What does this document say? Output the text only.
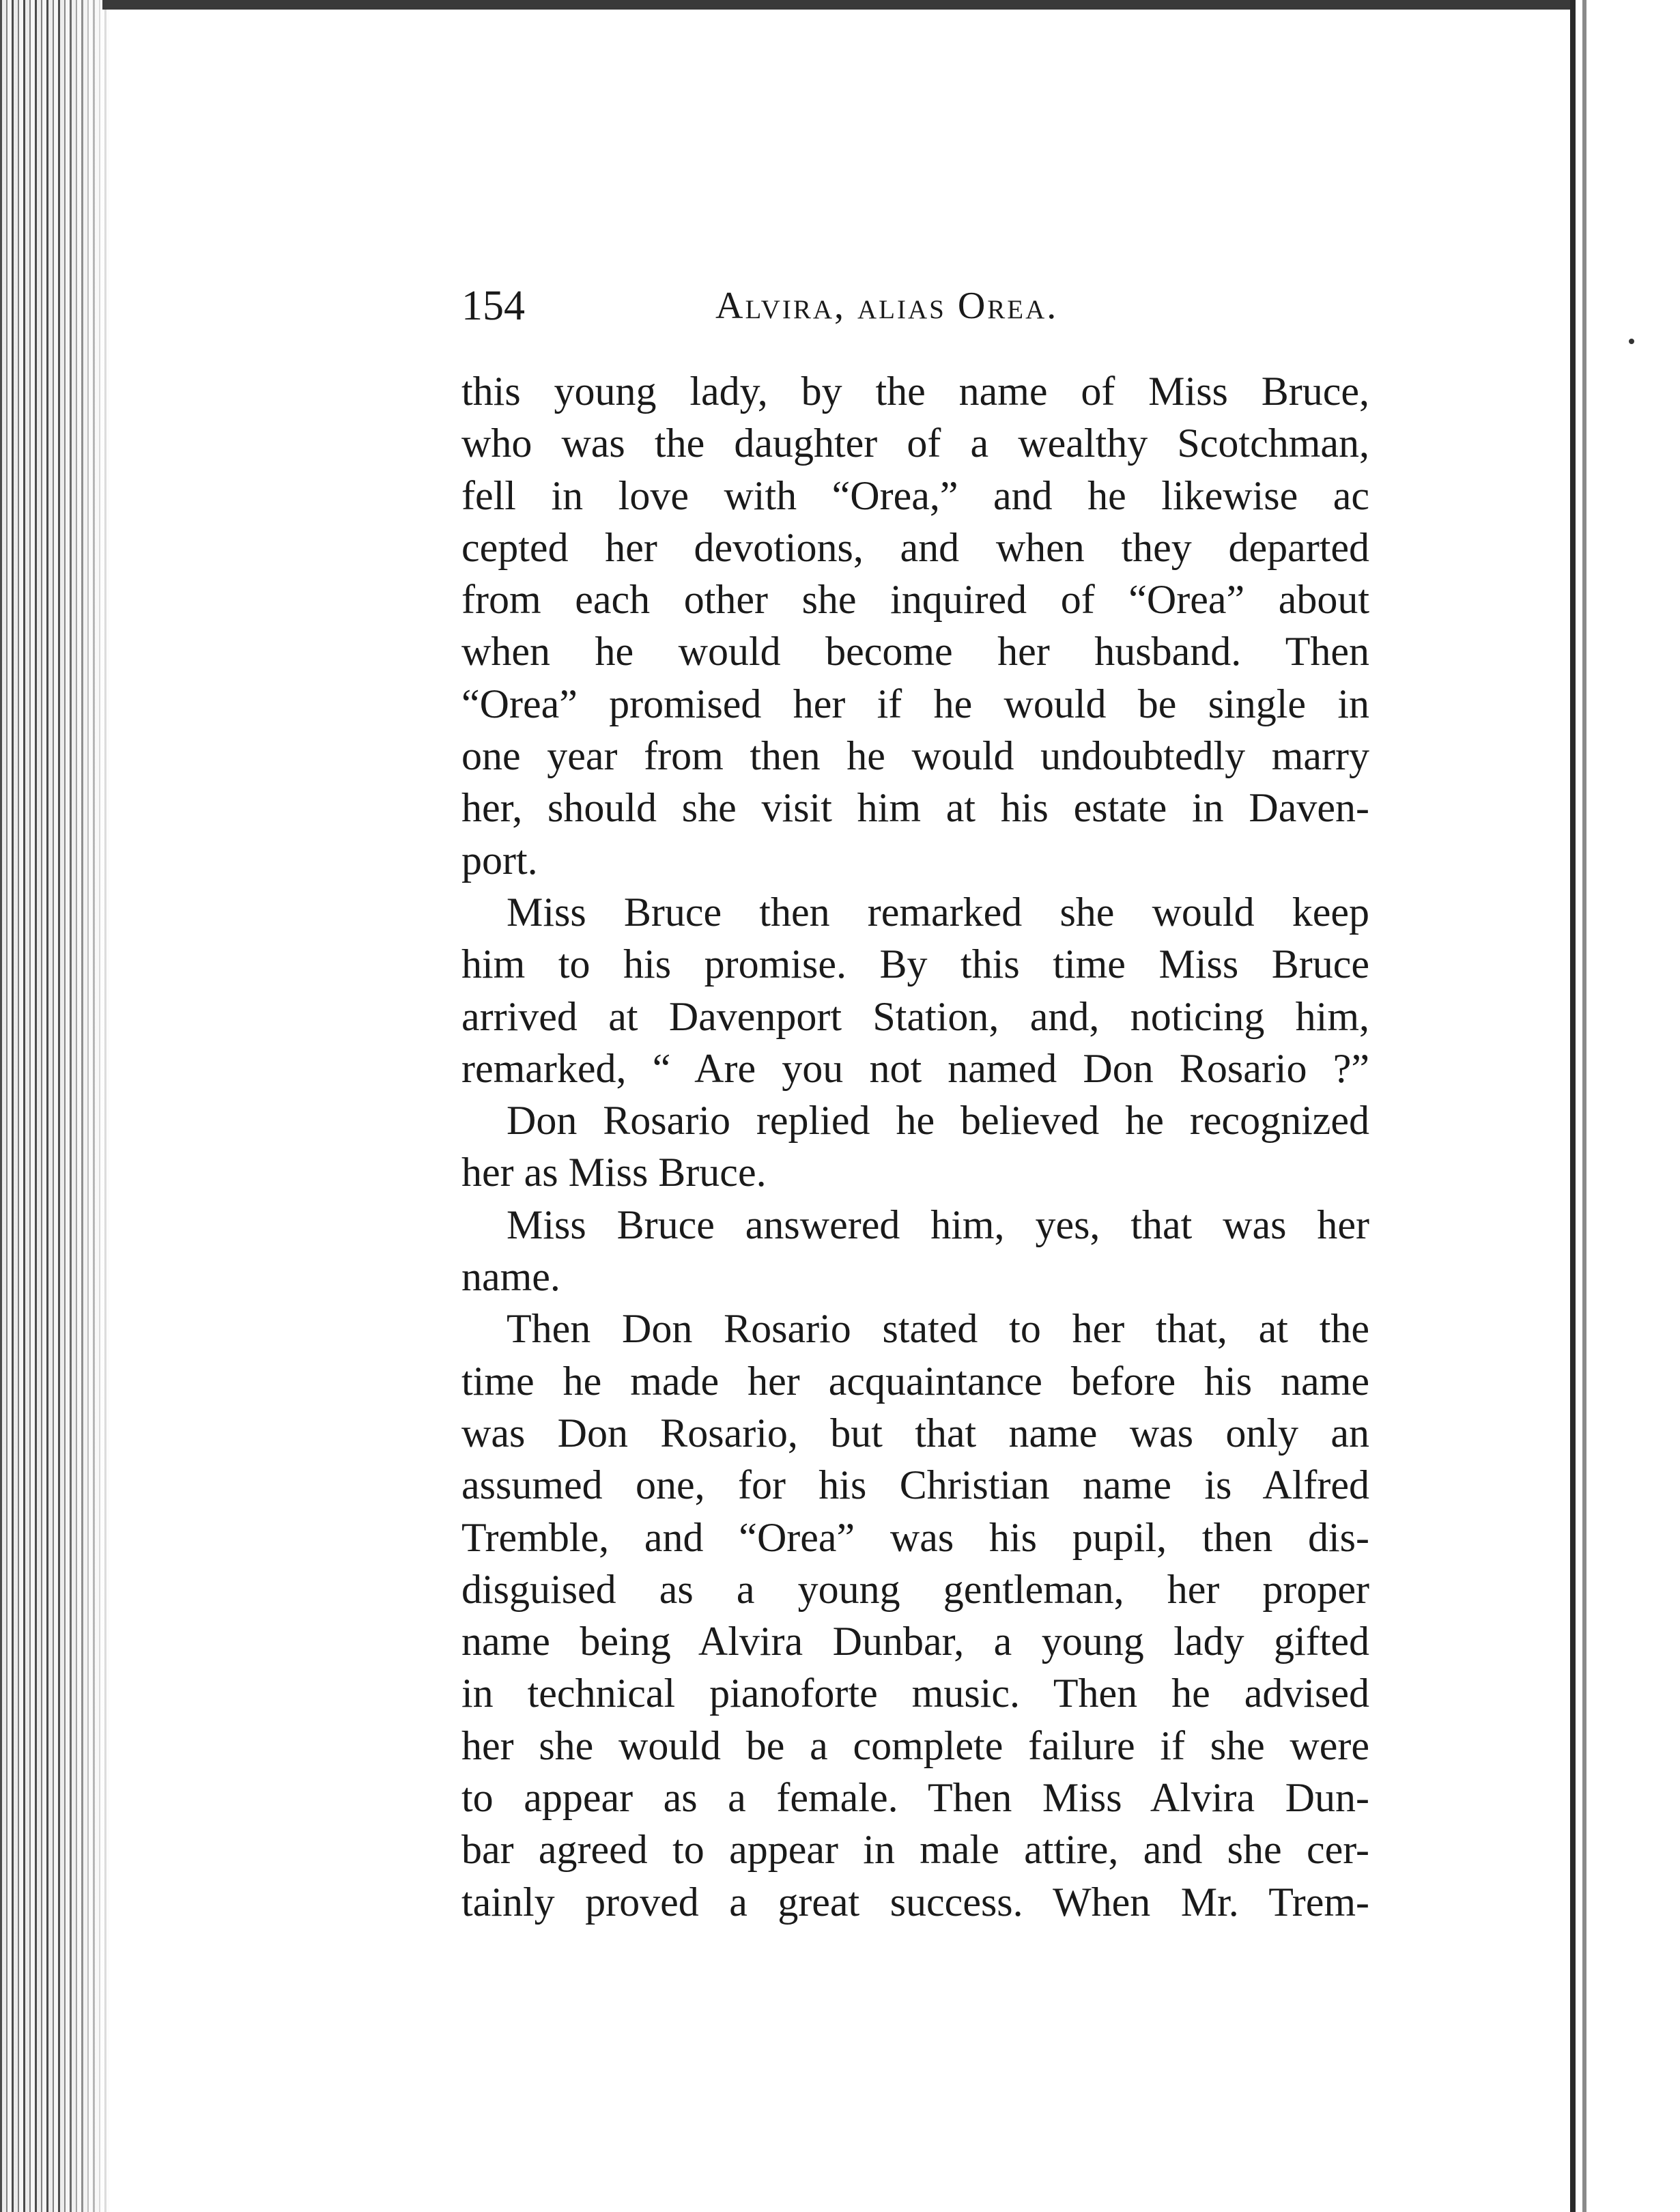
154	Alvira, alias Orea.
this young lady, by the name of Miss Bruce,
who was the daughter of a wealthy Scotchman,
fell in love with “Orea,” and he likewise ac
cepted her devotions, and when they departed
from each other she inquired of “Orea” about
when he would become her husband. Then
“Orea” promised her if he would be single in
one year from then he would undoubtedly marry
her, should she visit him at his estate in Daven-
port.
Miss Bruce then remarked she would keep
him to his promise. By this time Miss Bruce
arrived at Davenport Station, and, noticing him,
remarked, “ Are you not named Don Rosario ?”
Don Rosario replied he believed he recognized
her as Miss Bruce.
Miss Bruce answered him, yes, that was her
name.
Then Don Rosario stated to her that, at the
time he made her acquaintance before his name
was Don Rosario, but that name was only an
assumed one, for his Christian name is Alfred
Tremble, and “Orea” was his pupil, then dis-
disguised as a young gentleman, her proper
name being Alvira Dunbar, a young lady gifted
in technical pianoforte music. Then he advised
her she would be a complete failure if she were
to appear as a female. Then Miss Alvira Dun-
bar agreed to appear in male attire, and she cer-
tainly proved a great success. When Mr. Trem-
